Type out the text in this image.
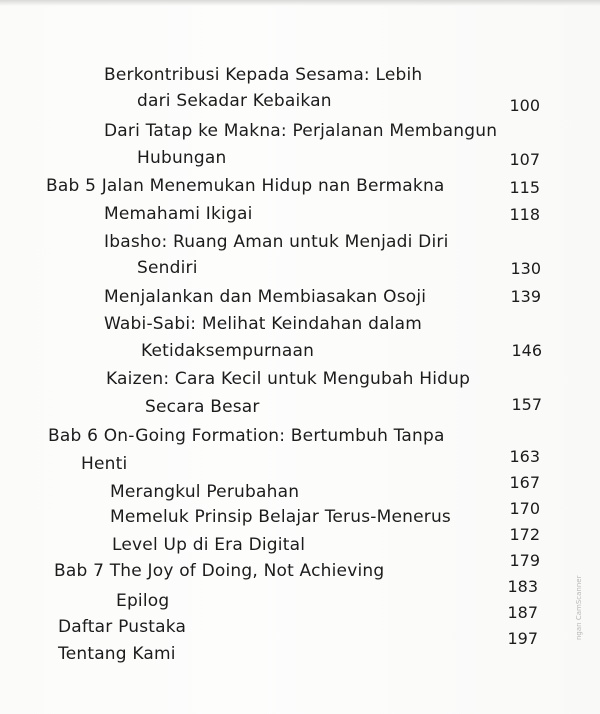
Berkontribusi Kepada Sesama: Lebih
dari Sekadar Kebaikan
Dari Tatap ke Makna: Perjalanan Membangun
Hubungan
Bab 5 Jalan Menemukan Hidup nan Bermakna
Memahami Ikigai
Ibasho: Ruang Aman untuk Menjadi Diri
Sendiri
Menjalankan dan Membiasakan Osoji
Wabi-Sabi: Melihat Keindahan dalam
Ketidaksempurnaan
Kaizen: Cara Kecil untuk Mengubah Hidup
Secara Besar
Bab 6 On-Going Formation: Bertumbuh Tanpa
Henti
Merangkul Perubahan
Memeluk Prinsip Belajar Terus-Menerus
Level Up di Era Digital
Bab 7 The Joy of Doing, Not Achieving
Epilog
Daftar Pustaka
Tentang Kami
100
107
115
118
130
139
146
157
163
167
170
172
179
183
187
197	ngan CamScanner
